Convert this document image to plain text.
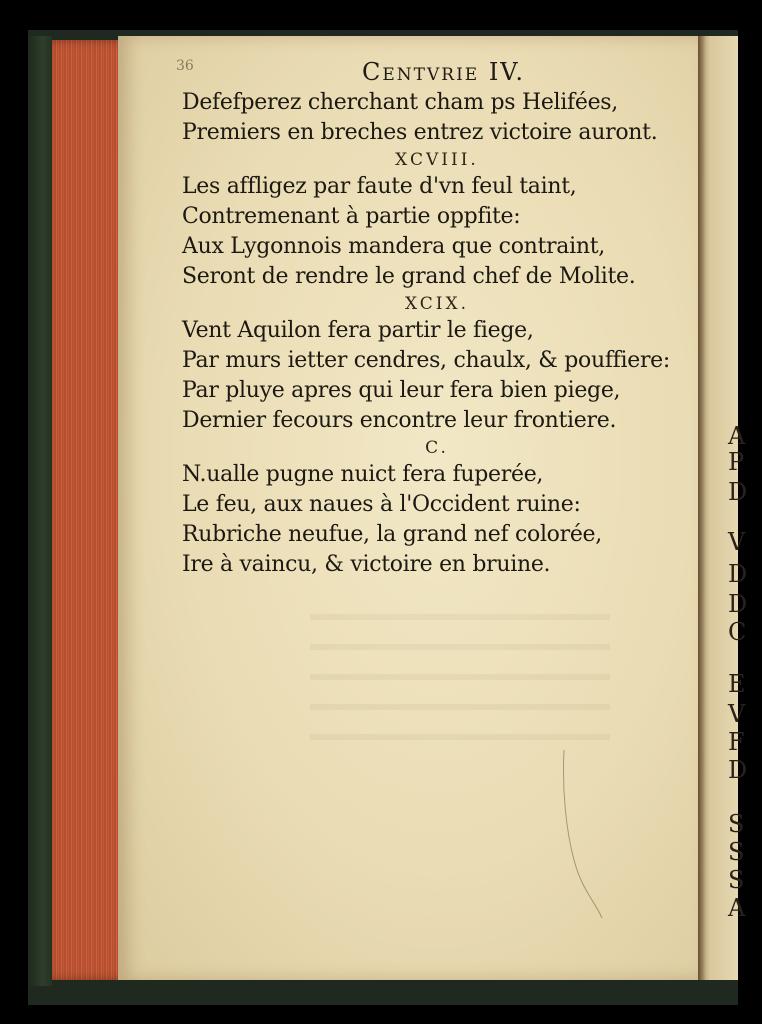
A
P
D
V
D
D
C
E
V
F
D
S
S
S
A
36	Centvrie IV.
Defefperez cherchant cham ps Helifées,
Premiers en breches entrez victoire auront.
XCVIII.
Les affligez par faute d'vn feul taint,
Contremenant à partie oppfite:
Aux Lygonnois mandera que contraint,
Seront de rendre le grand chef de Molite.
XCIX.
Vent Aquilon fera partir le fiege,
Par murs ietter cendres, chaulx, & pouffiere:
Par pluye apres qui leur fera bien piege,
Dernier fecours encontre leur frontiere.
C.
N.ualle pugne nuict fera fuperée,
Le feu, aux naues à l'Occident ruine:
Rubriche neufue, la grand nef colorée,
Ire à vaincu, & victoire en bruine.
